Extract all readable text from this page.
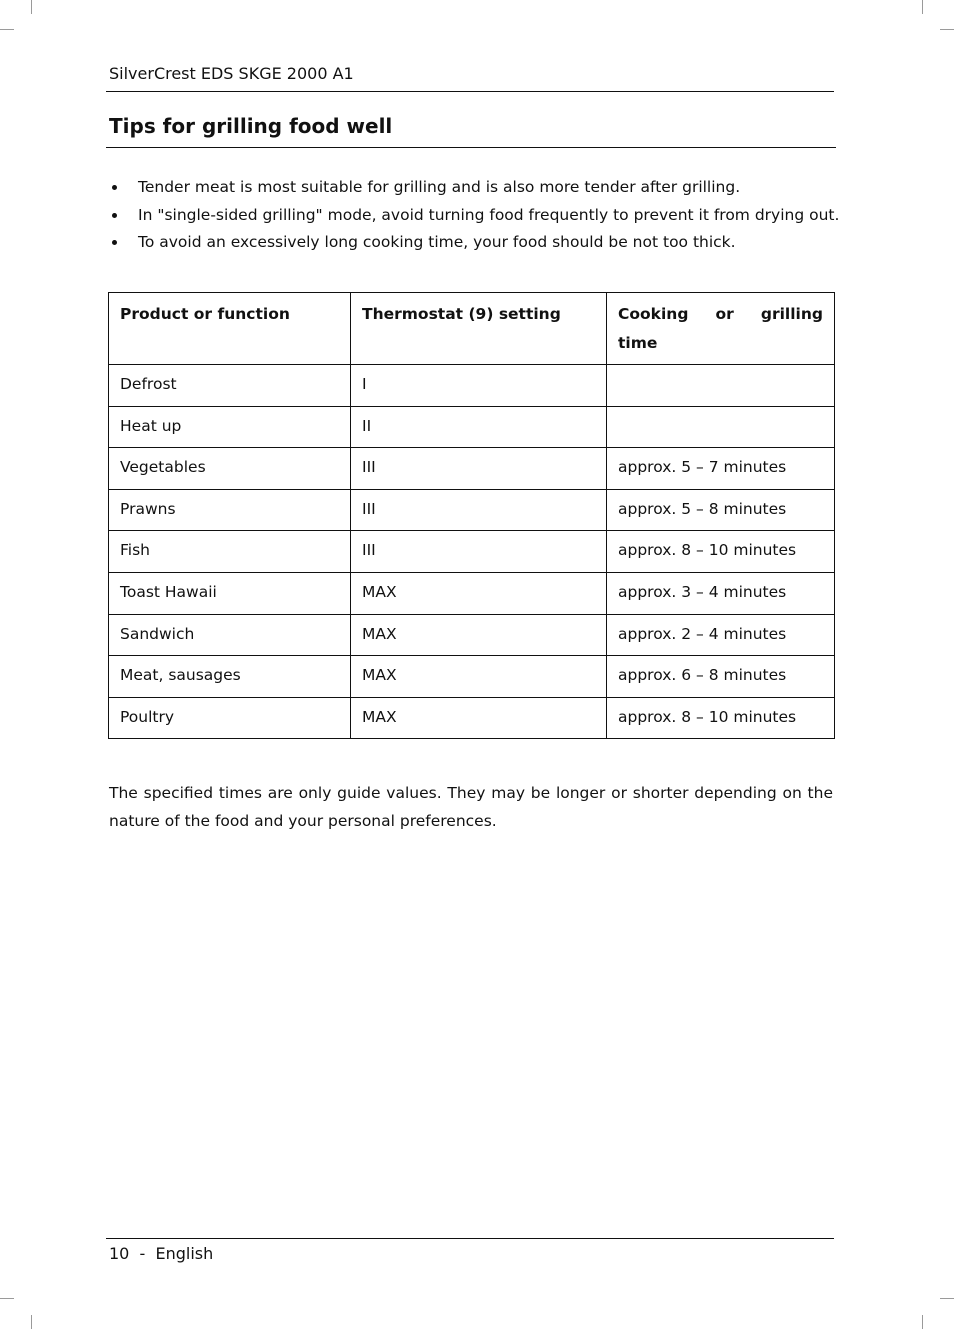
SilverCrest EDS SKGE 2000 A1
Tips for grilling food well
Tender meat is most suitable for grilling and is also more tender after grilling.
In "single-sided grilling" mode, avoid turning food frequently to prevent it from drying out.
To avoid an excessively long cooking time, your food should be not too thick.
Product or function	Thermostat (9) setting	Cooking or grilling time
Defrost	I	
Heat up	II	
Vegetables	III	approx. 5 – 7 minutes
Prawns	III	approx. 5 – 8 minutes
Fish	III	approx. 8 – 10 minutes
Toast Hawaii	MAX	approx. 3 – 4 minutes
Sandwich	MAX	approx. 2 – 4 minutes
Meat, sausages	MAX	approx. 6 – 8 minutes
Poultry	MAX	approx. 8 – 10 minutes

The specified times are only guide values. They may be longer or shorter depending on the nature of the food and your personal preferences.

10  -  English
